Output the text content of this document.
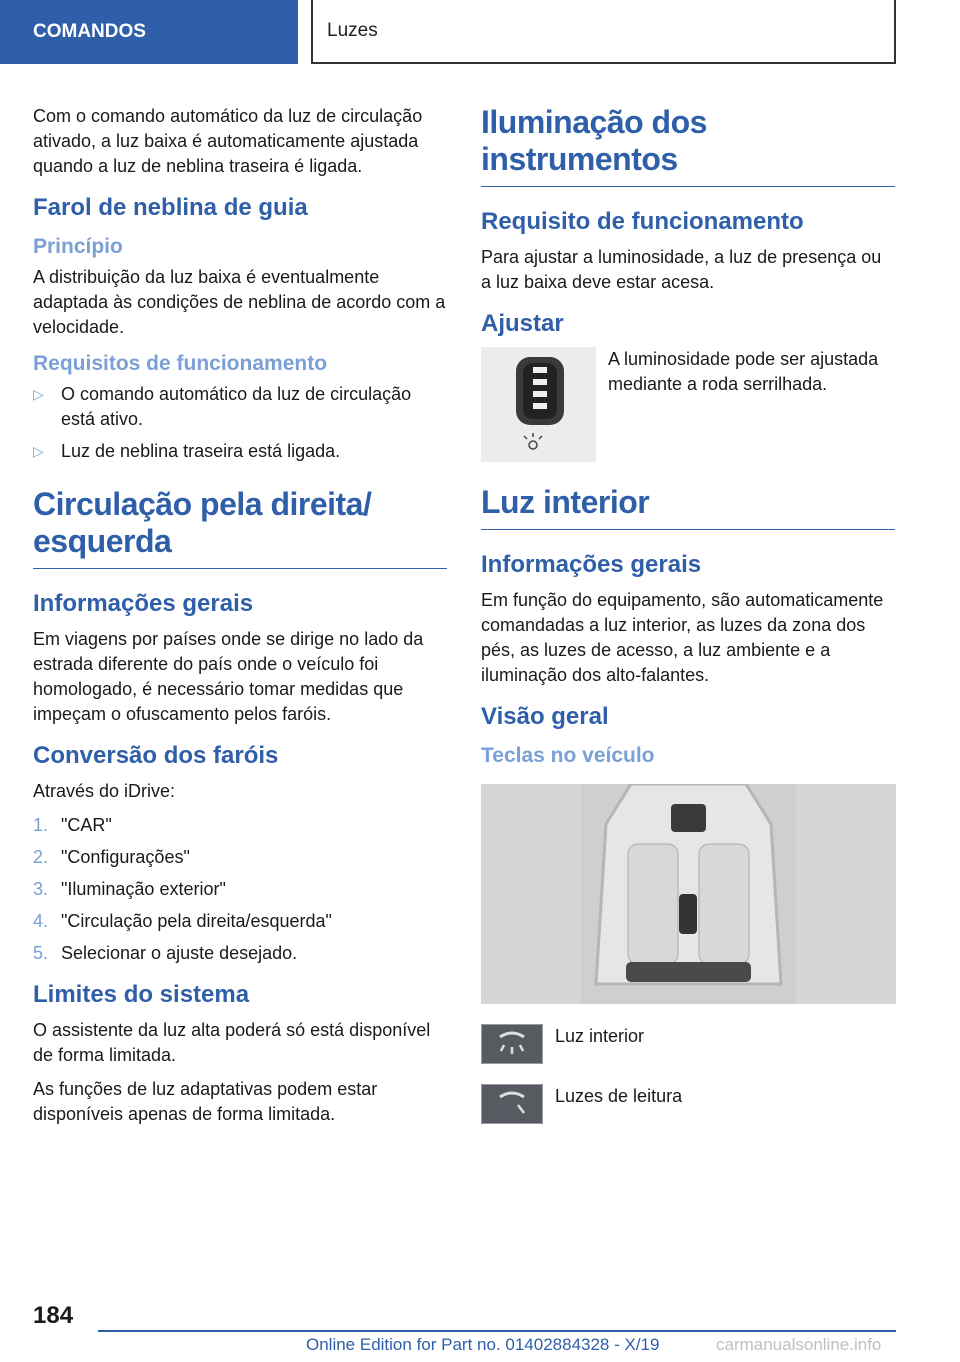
COMANDOS	Luzes

Com o comando automático da luz de circulação ativado, a luz baixa é automaticamente ajustada quando a luz de neblina traseira é ligada.

Farol de neblina de guia
Princípio

A distribuição da luz baixa é eventualmente adaptada às condições de neblina de acordo com a velocidade.

Requisitos de funcionamento
▷ O comando automático da luz de circulação está ativo.
▷ Luz de neblina traseira está ligada.
Circulação pela direita/ esquerda
Informações gerais

Em viagens por países onde se dirige no lado da estrada diferente do país onde o veículo foi homologado, é necessário tomar medidas que impeçam o ofuscamento pelos faróis.

Conversão dos faróis

Através do iDrive:

1. "CAR"
2. "Configurações"
3. "Iluminação exterior"
4. "Circulação pela direita/esquerda"
5. Selecionar o ajuste desejado.
Limites do sistema

O assistente da luz alta poderá só está disponível de forma limitada.

As funções de luz adaptativas podem estar disponíveis apenas de forma limitada.

Iluminação dos instrumentos
Requisito de funcionamento

Para ajustar a luminosidade, a luz de presença ou a luz baixa deve estar acesa.

Ajustar
A luminosidade pode ser ajustada mediante a roda serrilhada.
Luz interior
Informações gerais

Em função do equipamento, são automaticamente comandadas a luz interior, as luzes da zona dos pés, as luzes de acesso, a luz ambiente e a iluminação dos alto-falantes.

Visão geral
Teclas no veículo
Luz interior
Luzes de leitura
184
Online Edition for Part no. 01402884328 - X/19	carmanualsonline.info
